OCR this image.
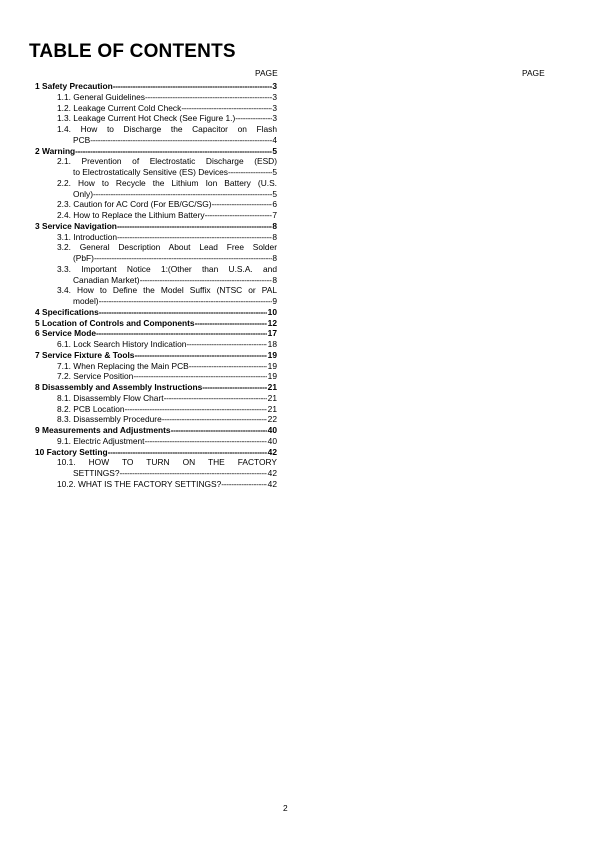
TABLE OF CONTENTS
PAGE	PAGE
1 Safety Precaution -----	3
1.1. General Guidelines -----	3
1.2. Leakage Current Cold Check -----	3
1.3. Leakage Current Hot Check (See Figure 1.) -----	3
1.4. How to Discharge the Capacitor on Flash
PCB -----	4
2 Warning -----	5
2.1. Prevention of Electrostatic Discharge (ESD)
to Electrostatically Sensitive (ES) Devices -----	5
2.2. How to Recycle the Lithium Ion Battery (U.S.
Only) -----	5
2.3. Caution for AC Cord (For EB/GC/SG) -----	6
2.4. How to Replace the Lithium Battery -----	7
3 Service Navigation -----	8
3.1. Introduction -----	8
3.2. General Description About Lead Free Solder
(PbF) -----	8
3.3. Important Notice 1:(Other than U.S.A. and
Canadian Market) -----	8
3.4. How to Define the Model Suffix (NTSC or PAL
model) -----	9
4 Specifications -----	10
5 Location of Controls and Components -----	12
6 Service Mode -----	17
6.1. Lock Search History Indication -----	18
7 Service Fixture & Tools -----	19
7.1. When Replacing the Main PCB -----	19
7.2. Service Position -----	19
8 Disassembly and Assembly Instructions -----	21
8.1. Disassembly Flow Chart -----	21
8.2. PCB Location -----	21
8.3. Disassembly Procedure -----	22
9 Measurements and Adjustments -----	40
9.1. Electric Adjustment -----	40
10 Factory Setting -----	42
10.1. HOW TO TURN ON THE FACTORY
SETTINGS? -----	42
10.2. WHAT IS THE FACTORY SETTINGS? -----	42
2
